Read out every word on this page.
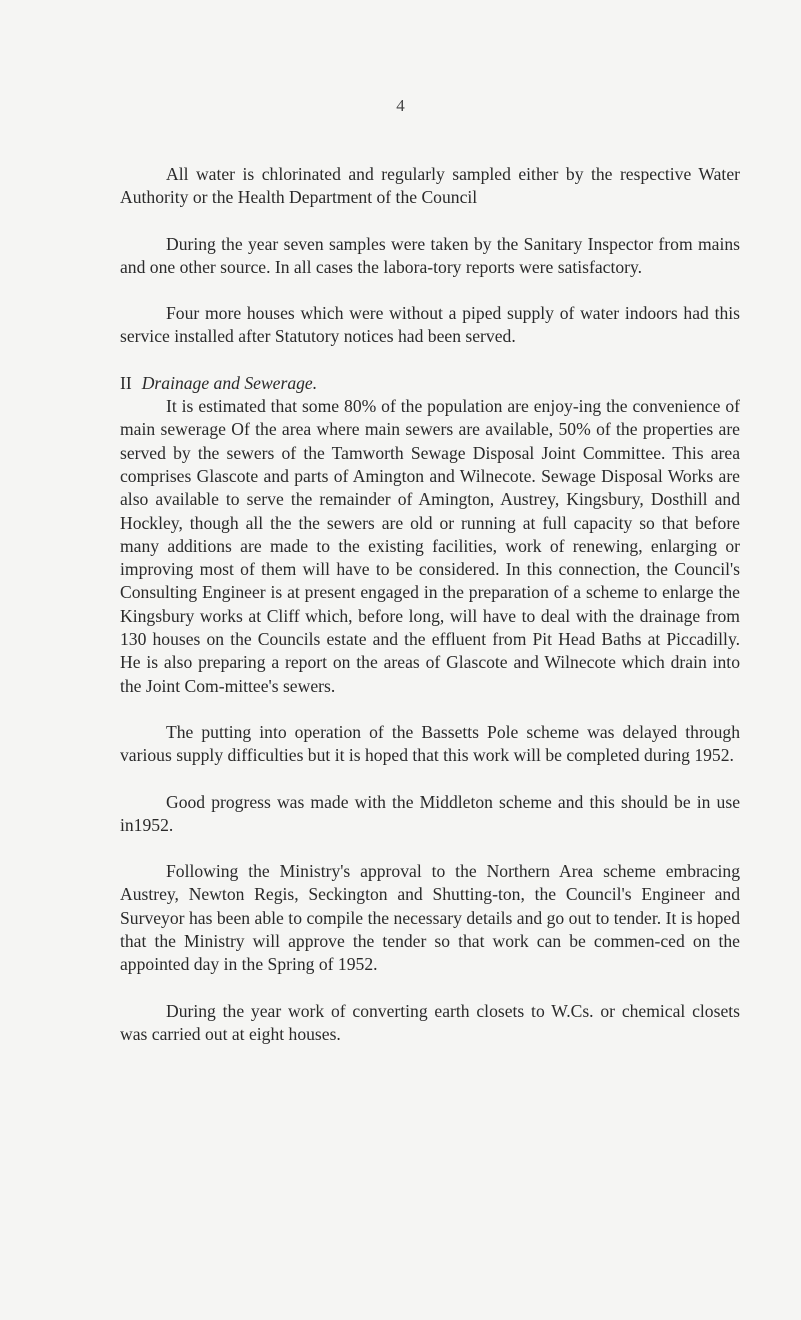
4

All water is chlorinated and regularly sampled either by the respective Water Authority or the Health Department of the Council

During the year seven samples were taken by the Sanitary Inspector from mains and one other source. In all cases the labora-tory reports were satisfactory.

Four more houses which were without a piped supply of water indoors had this service installed after Statutory notices had been served.

II Drainage and Sewerage.

It is estimated that some 80% of the population are enjoy-ing the convenience of main sewerage Of the area where main sewers are available, 50% of the properties are served by the sewers of the Tamworth Sewage Disposal Joint Committee. This area comprises Glascote and parts of Amington and Wilnecote. Sewage Disposal Works are also available to serve the remainder of Amington, Austrey, Kingsbury, Dosthill and Hockley, though all the the sewers are old or running at full capacity so that before many additions are made to the existing facilities, work of renewing, enlarging or improving most of them will have to be considered. In this connection, the Council's Consulting Engineer is at present engaged in the preparation of a scheme to enlarge the Kingsbury works at Cliff which, before long, will have to deal with the drainage from 130 houses on the Councils estate and the effluent from Pit Head Baths at Piccadilly. He is also preparing a report on the areas of Glascote and Wilnecote which drain into the Joint Com-mittee's sewers.

The putting into operation of the Bassetts Pole scheme was delayed through various supply difficulties but it is hoped that this work will be completed during 1952.

Good progress was made with the Middleton scheme and this should be in use in1952.

Following the Ministry's approval to the Northern Area scheme embracing Austrey, Newton Regis, Seckington and Shutting-ton, the Council's Engineer and Surveyor has been able to compile the necessary details and go out to tender. It is hoped that the Ministry will approve the tender so that work can be commen-ced on the appointed day in the Spring of 1952.

During the year work of converting earth closets to W.Cs. or chemical closets was carried out at eight houses.
